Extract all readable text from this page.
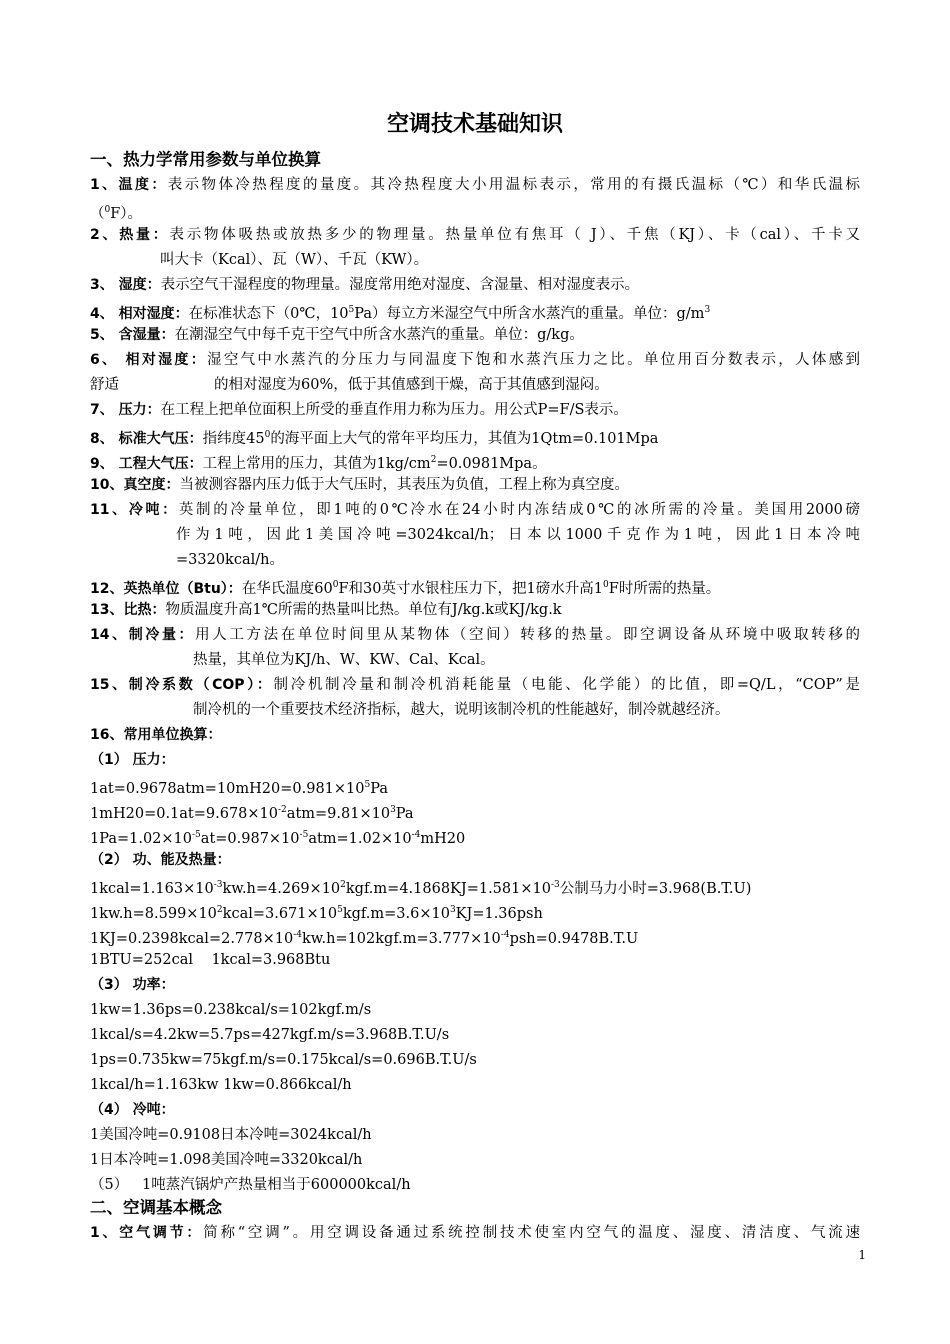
空调技术基础知识
一、热力学常用参数与单位换算
1、温度：表示物体冷热程度的量度。其冷热程度大小用温标表示，常用的有摄氏温标（℃）和华氏温标
（$^0$F）。
2、热量：表示物体吸热或放热多少的物理量。热量单位有焦耳（ J）、千焦（KJ）、卡（cal）、千卡又
叫大卡（Kcal）、瓦（W）、千瓦（KW）。
3、 湿度：表示空气干湿程度的物理量。湿度常用绝对湿度、含湿量、相对湿度表示。
4、 相对湿度：在标准状态下（0℃，$10^5Pa$）每立方米湿空气中所含水蒸汽的重量。单位：$g/m^3$
5、 含湿量：在潮湿空气中每千克干空气中所含水蒸汽的重量。单位：g/kg。
6、 相对湿度：湿空气中水蒸汽的分压力与同温度下饱和水蒸汽压力之比。单位用百分数表示，人体感到
舒适	的相对湿度为60%，低于其值感到干燥，高于其值感到湿闷。
7、 压力：在工程上把单位面积上所受的垂直作用力称为压力。用公式P=F/S表示。
8、 标准大气压：指纬度$45^0$的海平面上大气的常年平均压力，其值为1Qtm=0.101Mpa
9、 工程大气压：工程上常用的压力，其值为$1kg/cm^2=0.0981Mpa$。
10、真空度：当被测容器内压力低于大气压时，其表压为负值，工程上称为真空度。
11、冷吨：英制的冷量单位，即1吨的0℃冷水在24小时内冻结成0℃的冰所需的冷量。美国用2000磅
作为1吨，因此1美国冷吨=3024kcal/h；日本以1000千克作为1吨，因此1日本冷吨
=3320kcal/h。
12、英热单位（Btu）：在华氏温度$60^0F$和30英寸水银柱压力下，把1磅水升高$1^0F$时所需的热量。
13、比热：物质温度升高1℃所需的热量叫比热。单位有J/kg.k或KJ/kg.k
14、制冷量：用人工方法在单位时间里从某物体（空间）转移的热量。即空调设备从环境中吸取转移的
热量，其单位为KJ/h、W、KW、Cal、Kcal。
15、制冷系数（COP）：制冷机制冷量和制冷机消耗能量（电能、化学能）的比值，即=Q/L，“COP”是
制冷机的一个重要技术经济指标，越大，说明该制冷机的性能越好，制冷就越经济。
16、常用单位换算：
（1） 压力：
$1at=0.9678atm=10mH20=0.981\times 10^5Pa$
$1mH20=0.1at=9.678\times 10^{-2}atm=9.81\times 10^3Pa$
$1Pa=1.02\times 10^{-5}at=0.987\times 10^{-5}atm=1.02\times 10^{-4}mH20$
（2） 功、能及热量：
$1kcal=1.163\times 10^{-3}kw.h=4.269\times 10^2kgf.m=4.1868KJ=1.581\times 10^{-3}$公制马力小时=3.968(B.T.U)
$1kw.h=8.599\times 10^2kcal=3.671\times 10^5kgf.m=3.6\times 10^3KJ=1.36psh$
$1KJ=0.2398kcal=2.778\times 10^{-4}kw.h=102kgf.m=3.777\times 10^{-4}psh=0.9478B.T.U$
1BTU=252cal    1kcal=3.968Btu
（3） 功率：
1kw=1.36ps=0.238kcal/s=102kgf.m/s
1kcal/s=4.2kw=5.7ps=427kgf.m/s=3.968B.T.U/s
1ps=0.735kw=75kgf.m/s=0.175kcal/s=0.696B.T.U/s
1kcal/h=1.163kw 1kw=0.866kcal/h
（4） 冷吨：
1美国冷吨=0.9108日本冷吨=3024kcal/h
1日本冷吨=1.098美国冷吨=3320kcal/h
（5）   1吨蒸汽锅炉产热量相当于600000kcal/h
二、空调基本概念
1、空气调节：简称“空调”。用空调设备通过系统控制技术使室内空气的温度、湿度、清洁度、气流速
1
